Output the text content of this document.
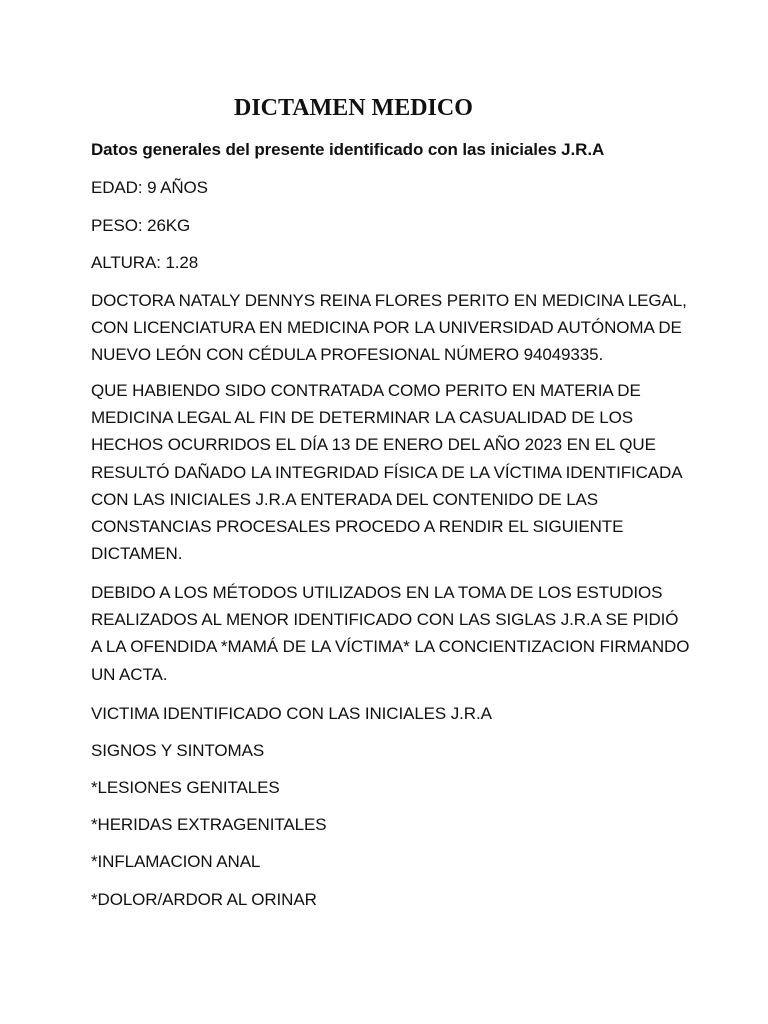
DICTAMEN MEDICO

Datos generales del presente identificado con las iniciales J.R.A

EDAD: 9 AÑOS

PESO: 26KG

ALTURA: 1.28

DOCTORA NATALY DENNYS REINA FLORES PERITO EN MEDICINA LEGAL, CON LICENCIATURA EN MEDICINA POR LA UNIVERSIDAD AUTÓNOMA DE NUEVO LEÓN CON CÉDULA PROFESIONAL NÚMERO 94049335.

QUE HABIENDO SIDO CONTRATADA COMO PERITO EN MATERIA DE MEDICINA LEGAL AL FIN DE DETERMINAR LA CASUALIDAD DE LOS HECHOS OCURRIDOS EL DÍA 13 DE ENERO DEL AÑO 2023 EN EL QUE RESULTÓ DAÑADO LA INTEGRIDAD FÍSICA DE LA VÍCTIMA IDENTIFICADA CON LAS INICIALES J.R.A ENTERADA DEL CONTENIDO DE LAS CONSTANCIAS PROCESALES PROCEDO A RENDIR EL SIGUIENTE DICTAMEN.

DEBIDO A LOS MÉTODOS UTILIZADOS EN LA TOMA DE LOS ESTUDIOS REALIZADOS AL MENOR IDENTIFICADO CON LAS SIGLAS J.R.A SE PIDIÓ A LA OFENDIDA *MAMÁ DE LA VÍCTIMA* LA CONCIENTIZACION FIRMANDO UN ACTA.

VICTIMA IDENTIFICADO CON LAS INICIALES J.R.A

SIGNOS Y SINTOMAS

*LESIONES GENITALES

*HERIDAS EXTRAGENITALES

*INFLAMACION ANAL

*DOLOR/ARDOR AL ORINAR
